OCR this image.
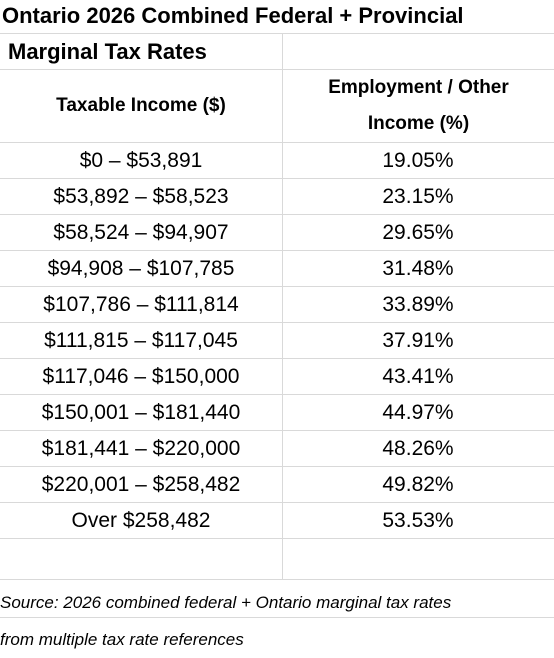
Ontario 2026 Combined Federal + Provincial
Marginal Tax Rates
Taxable Income ($)
Employment / Other
Income (%)
$0 – $53,891	19.05%
$53,892 – $58,523	23.15%
$58,524 – $94,907	29.65%
$94,908 – $107,785	31.48%
$107,786 – $111,814	33.89%
$111,815 – $117,045	37.91%
$117,046 – $150,000	43.41%
$150,001 – $181,440	44.97%
$181,441 – $220,000	48.26%
$220,001 – $258,482	49.82%
Over $258,482	53.53%
Source: 2026 combined federal + Ontario marginal tax rates
from multiple tax rate references
